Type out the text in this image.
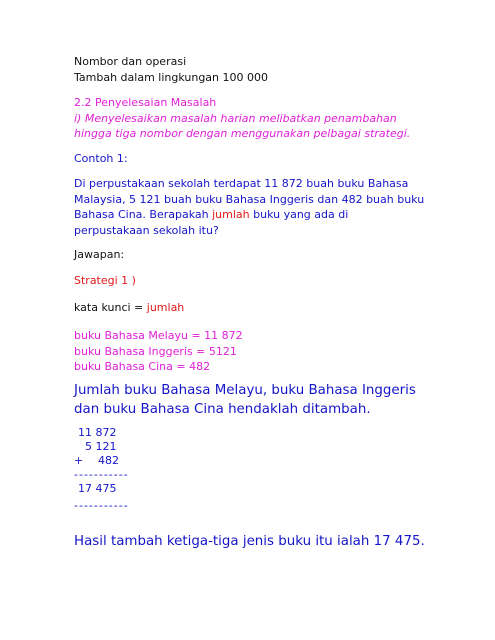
Nombor dan operasi
Tambah dalam lingkungan 100 000
2.2 Penyelesaian Masalah
i) Menyelesaikan masalah harian melibatkan penambahan
hingga tiga nombor dengan menggunakan pelbagai strategi.
Contoh 1:
Di perpustakaan sekolah terdapat 11 872 buah buku Bahasa
Malaysia, 5 121 buah buku Bahasa Inggeris dan 482 buah buku
Bahasa Cina. Berapakah jumlah buku yang ada di
perpustakaan sekolah itu?
Jawapan:
Strategi 1 )
kata kunci = jumlah
buku Bahasa Melayu = 11 872
buku Bahasa Inggeris = 5121
buku Bahasa Cina = 482
Jumlah buku Bahasa Melayu, buku Bahasa Inggeris
dan buku Bahasa Cina hendaklah ditambah.
11 872
5 121
+ 482
-----------
17 475
-----------
Hasil tambah ketiga-tiga jenis buku itu ialah 17 475.
